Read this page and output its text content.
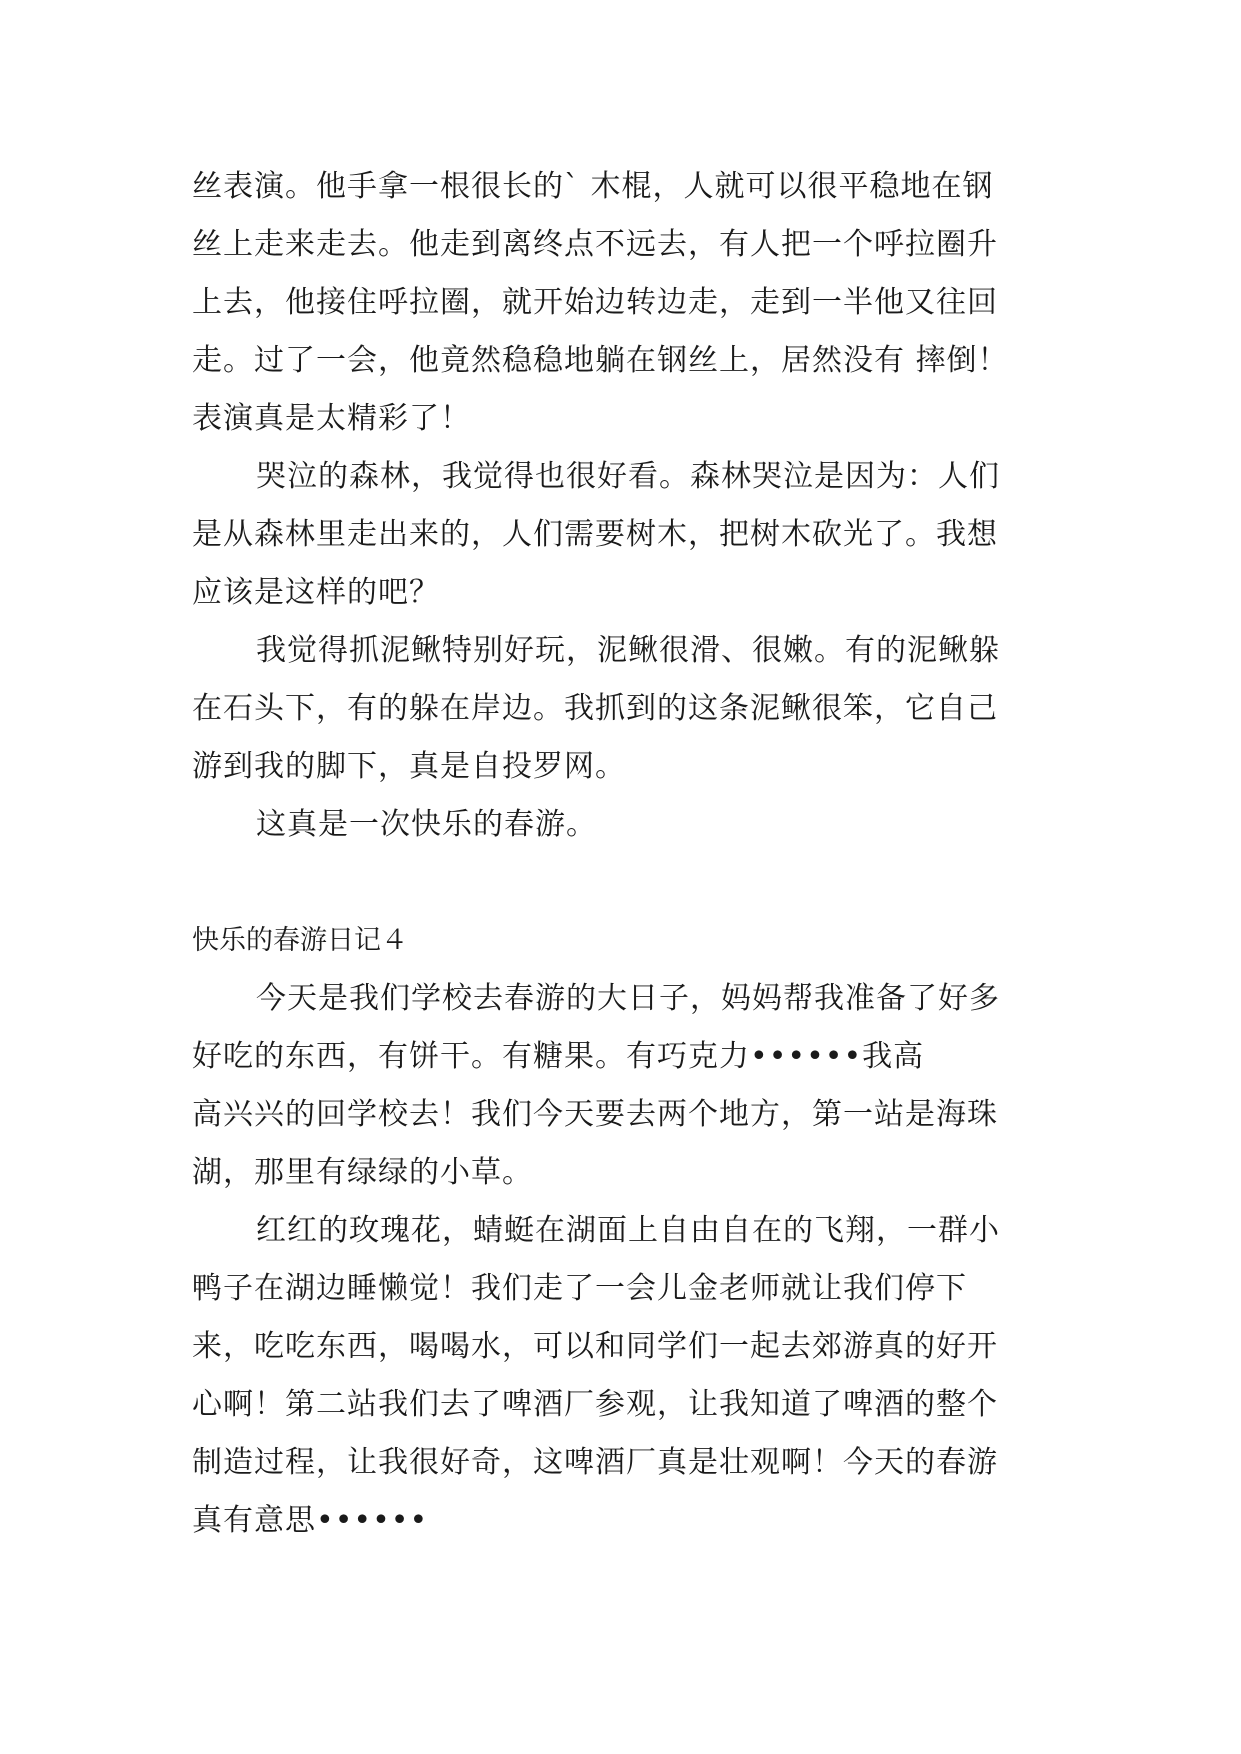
丝表演。他手拿一根很长的` 木棍，人就可以很平稳地在钢
丝上走来走去。他走到离终点不远去，有人把一个呼拉圈升
上去，他接住呼拉圈，就开始边转边走，走到一半他又往回
走。过了一会，他竟然稳稳地躺在钢丝上，居然没有 摔倒！
表演真是太精彩了！
哭泣的森林，我觉得也很好看。森林哭泣是因为：人们
是从森林里走出来的，人们需要树木，把树木砍光了。我想
应该是这样的吧？
我觉得抓泥鳅特别好玩，泥鳅很滑、很嫩。有的泥鳅躲
在石头下，有的躲在岸边。我抓到的这条泥鳅很笨，它自己
游到我的脚下，真是自投罗网。
这真是一次快乐的春游。
快乐的春游日记４
今天是我们学校去春游的大日子，妈妈帮我准备了好多
好吃的东西，有饼干。有糖果。有巧克力••••••我高
高兴兴的回学校去！我们今天要去两个地方，第一站是海珠
湖，那里有绿绿的小草。
红红的玫瑰花，蜻蜓在湖面上自由自在的飞翔，一群小
鸭子在湖边睡懒觉！我们走了一会儿金老师就让我们停下
来，吃吃东西，喝喝水，可以和同学们一起去郊游真的好开
心啊！第二站我们去了啤酒厂参观，让我知道了啤酒的整个
制造过程，让我很好奇，这啤酒厂真是壮观啊！今天的春游
真有意思••••••
